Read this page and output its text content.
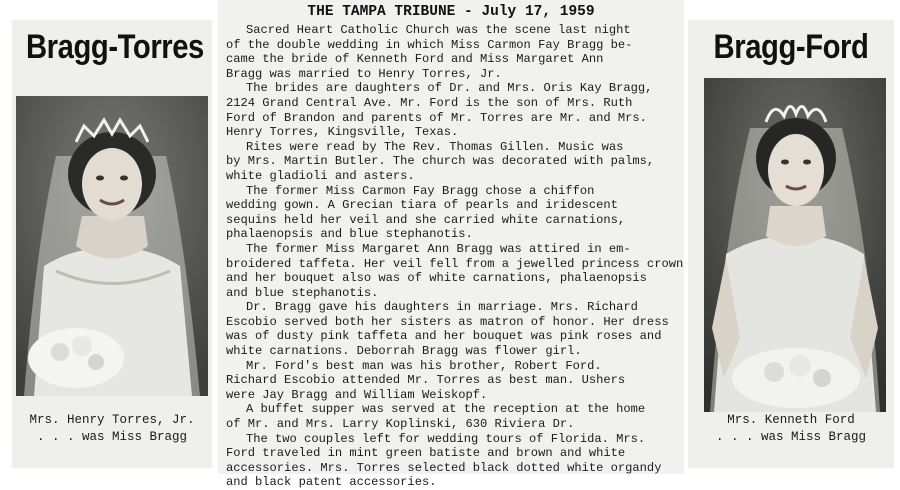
Bragg-Torres
Mrs. Henry Torres, Jr.
. . . was Miss Bragg
THE TAMPA TRIBUNE - July 17, 1959
Sacred Heart Catholic Church was the scene last night
of the double wedding in which Miss Carmon Fay Bragg be-
came the bride of Kenneth Ford and Miss Margaret Ann
Bragg was married to Henry Torres, Jr.
The brides are daughters of Dr. and Mrs. Oris Kay Bragg,
2124 Grand Central Ave. Mr. Ford is the son of Mrs. Ruth
Ford of Brandon and parents of Mr. Torres are Mr. and Mrs.
Henry Torres, Kingsville, Texas.
Rites were read by The Rev. Thomas Gillen. Music was
by Mrs. Martin Butler. The church was decorated with palms,
white gladioli and asters.
The former Miss Carmon Fay Bragg chose a chiffon
wedding gown. A Grecian tiara of pearls and iridescent
sequins held her veil and she carried white carnations,
phalaenopsis and blue stephanotis.
The former Miss Margaret Ann Bragg was attired in em-
broidered taffeta. Her veil fell from a jewelled princess crown
and her bouquet also was of white carnations, phalaenopsis
and blue stephanotis.
Dr. Bragg gave his daughters in marriage. Mrs. Richard
Escobio served both her sisters as matron of honor. Her dress
was of dusty pink taffeta and her bouquet was pink roses and
white carnations. Deborrah Bragg was flower girl.
Mr. Ford's best man was his brother, Robert Ford.
Richard Escobio attended Mr. Torres as best man. Ushers
were Jay Bragg and William Weiskopf.
A buffet supper was served at the reception at the home
of Mr. and Mrs. Larry Koplinski, 630 Riviera Dr.
The two couples left for wedding tours of Florida. Mrs.
Ford traveled in mint green batiste and brown and white
accessories. Mrs. Torres selected black dotted white organdy
and black patent accessories.
Bragg-Ford
Mrs. Kenneth Ford
. . . was Miss Bragg
